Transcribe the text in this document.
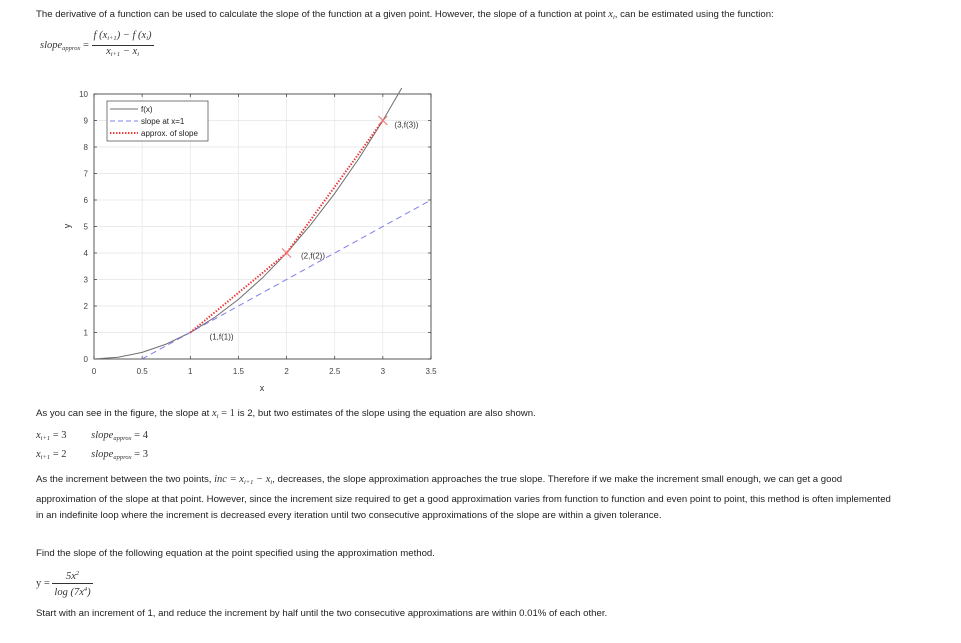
The derivative of a function can be used to calculate the slope of the function at a given point. However, the slope of a function at point $x_i$, can be estimated using the function:

slope$_{approx}$ = $\frac{f (x_{i+1}) - f (x_i)}{x_{i+1} - x_i}$
0	0.5	1	1.5	2	2.5	3	3.5
0
1
2
3
4
5
6
7
8
9
10
(1,f(1))
(2,f(2))
(3,f(3))
x
y
f(x)
slope at x=1
approx. of slope

As you can see in the figure, the slope at $x_i = 1$ is 2, but two estimates of the slope using the equation are also shown.

$x_{i+1} = 3$ slope$_{approx}$ = 4
$x_{i+1} = 2$ slope$_{approx}$ = 3

As the increment between the two points, inc = $x_{i+1} - x_i$, decreases, the slope approximation approaches the true slope. Therefore if we make the increment small enough, we can get a good approximation of the slope at that point. However, since the increment size required to get a good approximation varies from function to function and even point to point, this method is often implemented in an indefinite loop where the increment is decreased every iteration until two consecutive approximations of the slope are within a given tolerance.

Find the slope of the following equation at the point specified using the approximation method.

$y = \frac{5x^2}{\log (7x^4)}$

Start with an increment of 1, and reduce the increment by half until the two consecutive approximations are within 0.01% of each other.
